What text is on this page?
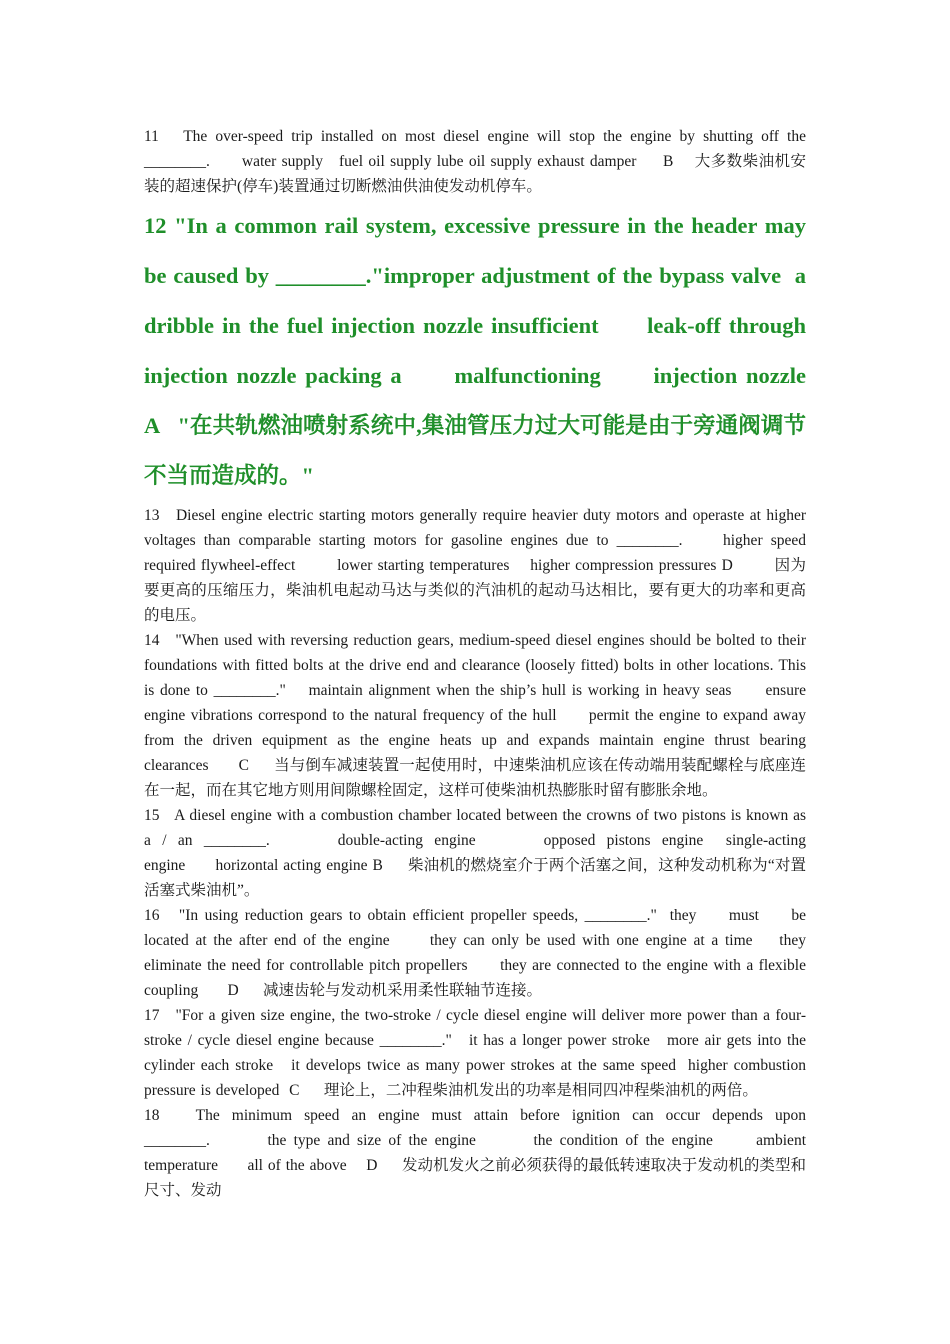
11   The over-speed trip installed on most diesel engine will stop the engine by shutting off the ________.      water supply   fuel oil supply lube oil supply exhaust damper     B    大多数柴油机安装的超速保护(停车)装置通过切断燃油供油使发动机停车。

12 "In a common rail system, excessive pressure in the header may be caused by ________."improper adjustment of the bypass valve  a dribble in the fuel injection nozzle insufficient      leak-off through injection nozzle packing a      malfunctioning      injection nozzle A   "在共轨燃油喷射系统中,集油管压力过大可能是由于旁通阀调节不当而造成的。"

13   Diesel engine electric starting motors generally require heavier duty motors and operaste at higher voltages than comparable starting motors for gasoline engines due to ________.     higher speed required flywheel-effect        lower starting temperatures    higher compression pressures D        因为要更高的压缩压力，柴油机电起动马达与类似的汽油机的起动马达相比，要有更大的功率和更高的电压。

14   "When used with reversing reduction gears, medium-speed diesel engines should be bolted to their foundations with fitted bolts at the drive end and clearance (loosely fitted) bolts in other locations. This is done to ________."    maintain alignment when the ship’s hull is working in heavy seas      ensure engine vibrations correspond to the natural frequency of the hull      permit the engine to expand away from the driven equipment as the engine heats up and expands maintain engine thrust bearing clearances      C     当与倒车减速装置一起使用时，中速柴油机应该在传动端用装配螺栓与底座连在一起，而在其它地方则用间隙螺栓固定，这样可使柴油机热膨胀时留有膨胀余地。

15   A diesel engine with a combustion chamber located between the crowns of two pistons is known as a / an ________.      double-acting engine      opposed pistons engine  single-acting engine      horizontal acting engine B     柴油机的燃烧室介于两个活塞之间，这种发动机称为“对置活塞式柴油机”。

16   "In using reduction gears to obtain efficient propeller speeds, ________."  they     must     be located at the after end of the engine      they can only be used with one engine at a time    they eliminate the need for controllable pitch propellers      they are connected to the engine with a flexible coupling      D     减速齿轮与发动机采用柔性联轴节连接。

17   "For a given size engine, the two-stroke / cycle diesel engine will deliver more power than a four-stroke / cycle diesel engine because ________."   it has a longer power stroke   more air gets into the cylinder each stroke   it develops twice as many power strokes at the same speed  higher combustion pressure is developed  C     理论上，二冲程柴油机发出的功率是相同四冲程柴油机的两倍。

18   The minimum speed an engine must attain before ignition can occur depends upon ________.        the type and size of the engine        the condition of the engine      ambient temperature      all of the above    D     发动机发火之前必须获得的最低转速取决于发动机的类型和尺寸、发动
